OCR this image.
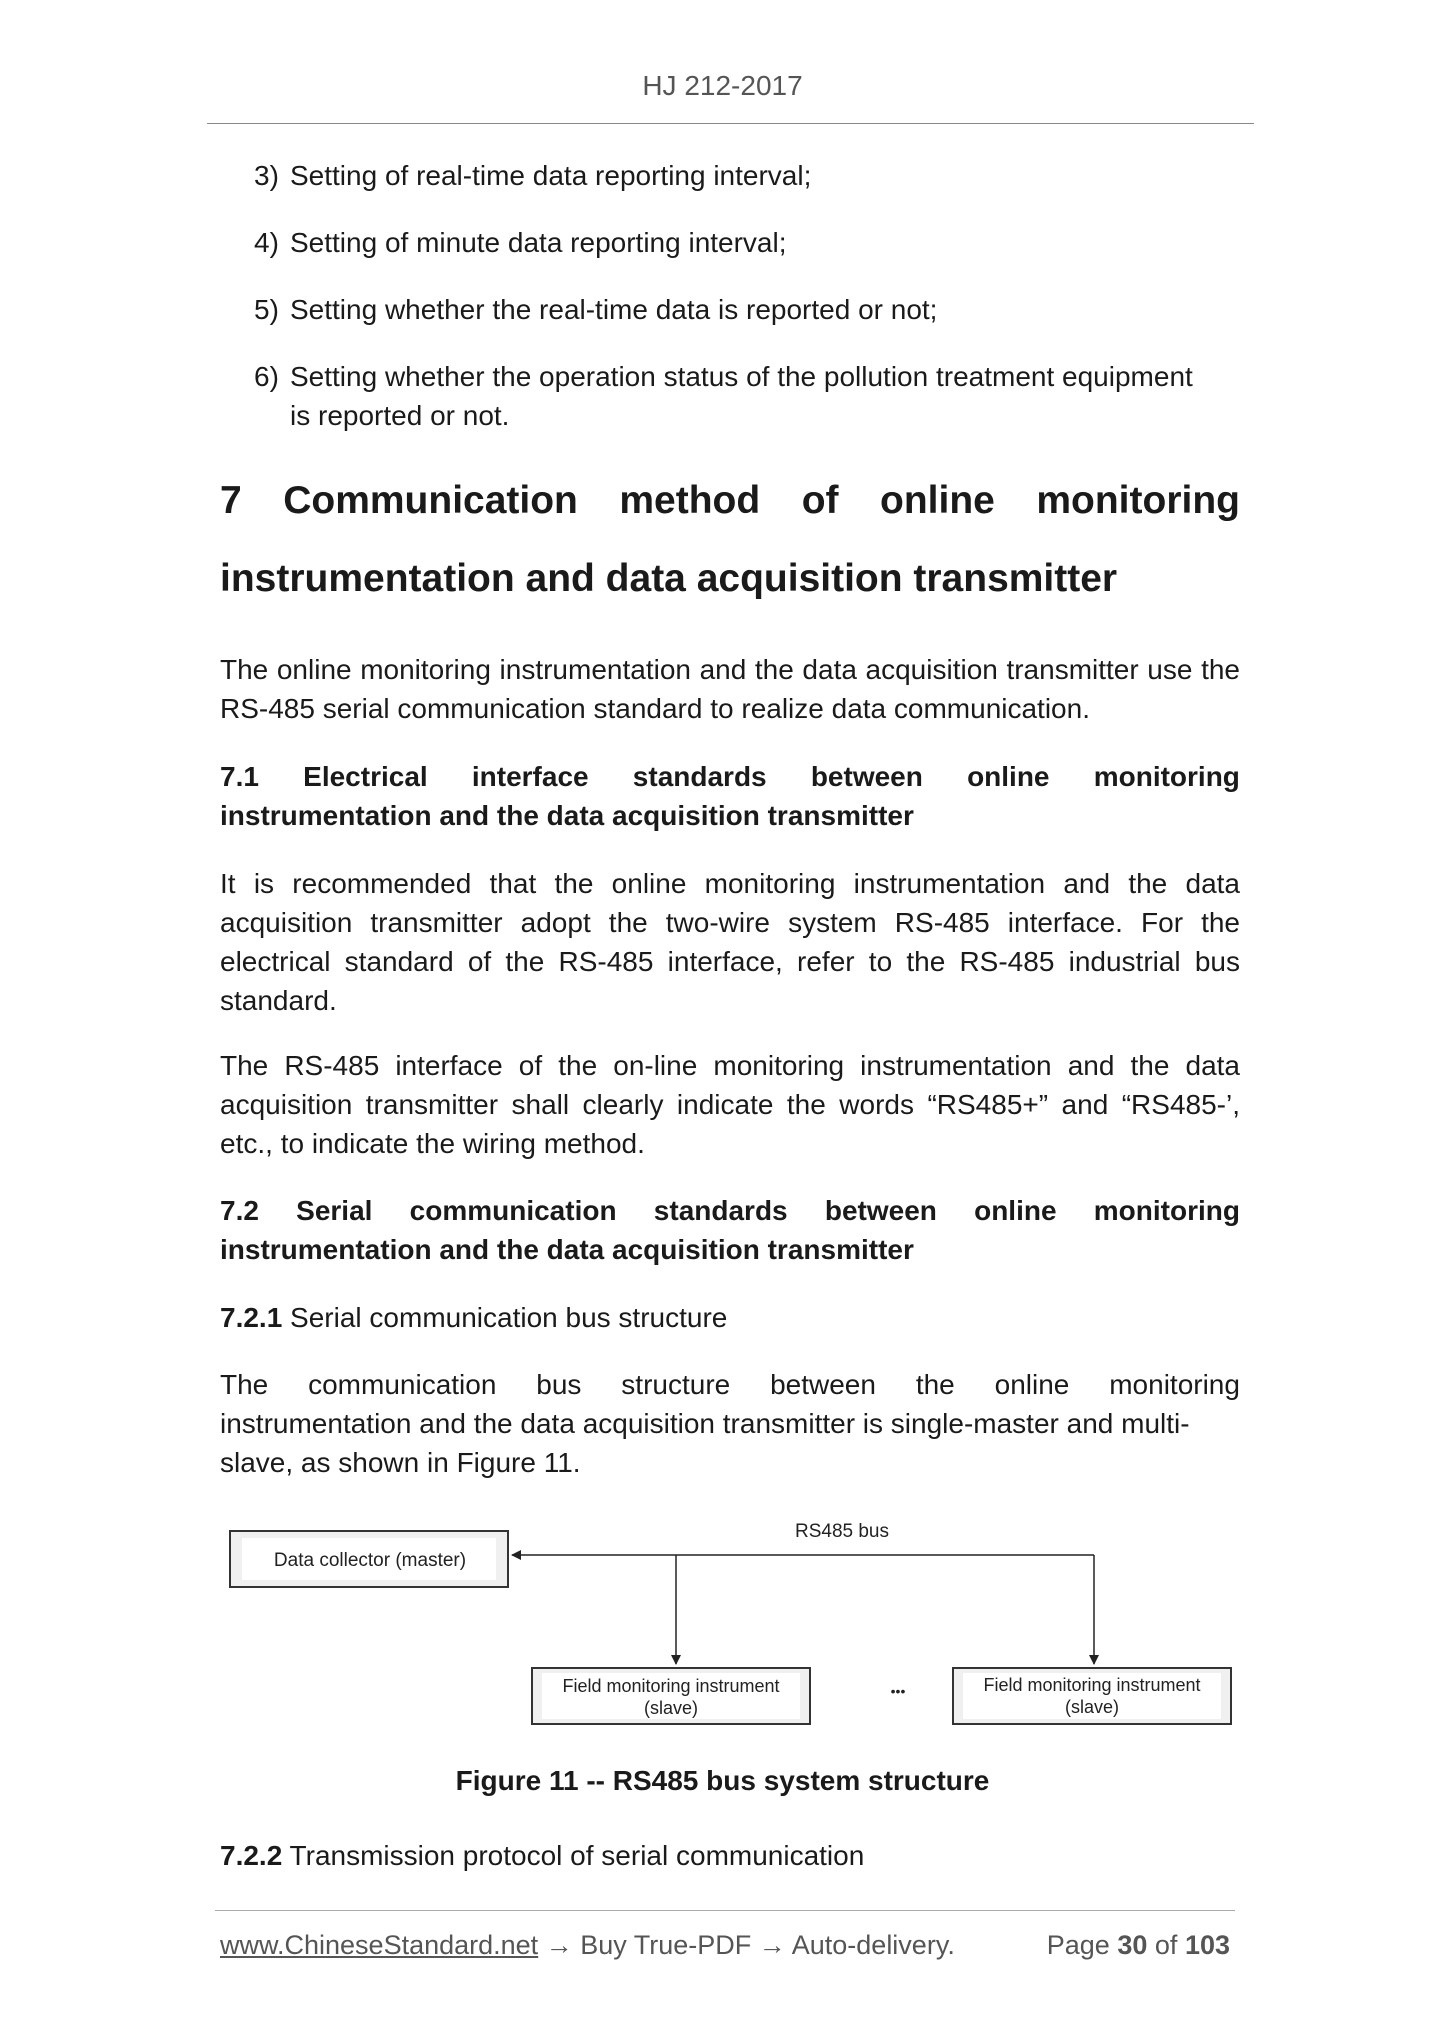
HJ 212-2017
3) Setting of real-time data reporting interval;
4) Setting of minute data reporting interval;
5) Setting whether the real-time data is reported or not;
6) Setting whether the operation status of the pollution treatment equipment
is reported or not.
7 Communication method of online monitoring
instrumentation and data acquisition transmitter
The online monitoring instrumentation and the data acquisition transmitter use the RS-485 serial communication standard to realize data communication.
7.1 Electrical interface standards between online monitoring
instrumentation and the data acquisition transmitter
It is recommended that the online monitoring instrumentation and the data acquisition transmitter adopt the two-wire system RS-485 interface. For the electrical standard of the RS-485 interface, refer to the RS-485 industrial bus standard.
The RS-485 interface of the on-line monitoring instrumentation and the data acquisition transmitter shall clearly indicate the words “RS485+” and “RS485-’, etc., to indicate the wiring method.
7.2 Serial communication standards between online monitoring
instrumentation and the data acquisition transmitter
7.2.1 Serial communication bus structure
The communication bus structure between the online monitoring
instrumentation and the data acquisition transmitter is single-master and multi-
slave, as shown in Figure 11.
Data collector (master)
RS485 bus
Field monitoring instrument
(slave)
•••	Field monitoring instrument
(slave)
Figure 11 -- RS485 bus system structure
7.2.2 Transmission protocol of serial communication
www.ChineseStandard.net → Buy True-PDF → Auto-delivery.	Page 30 of 103
